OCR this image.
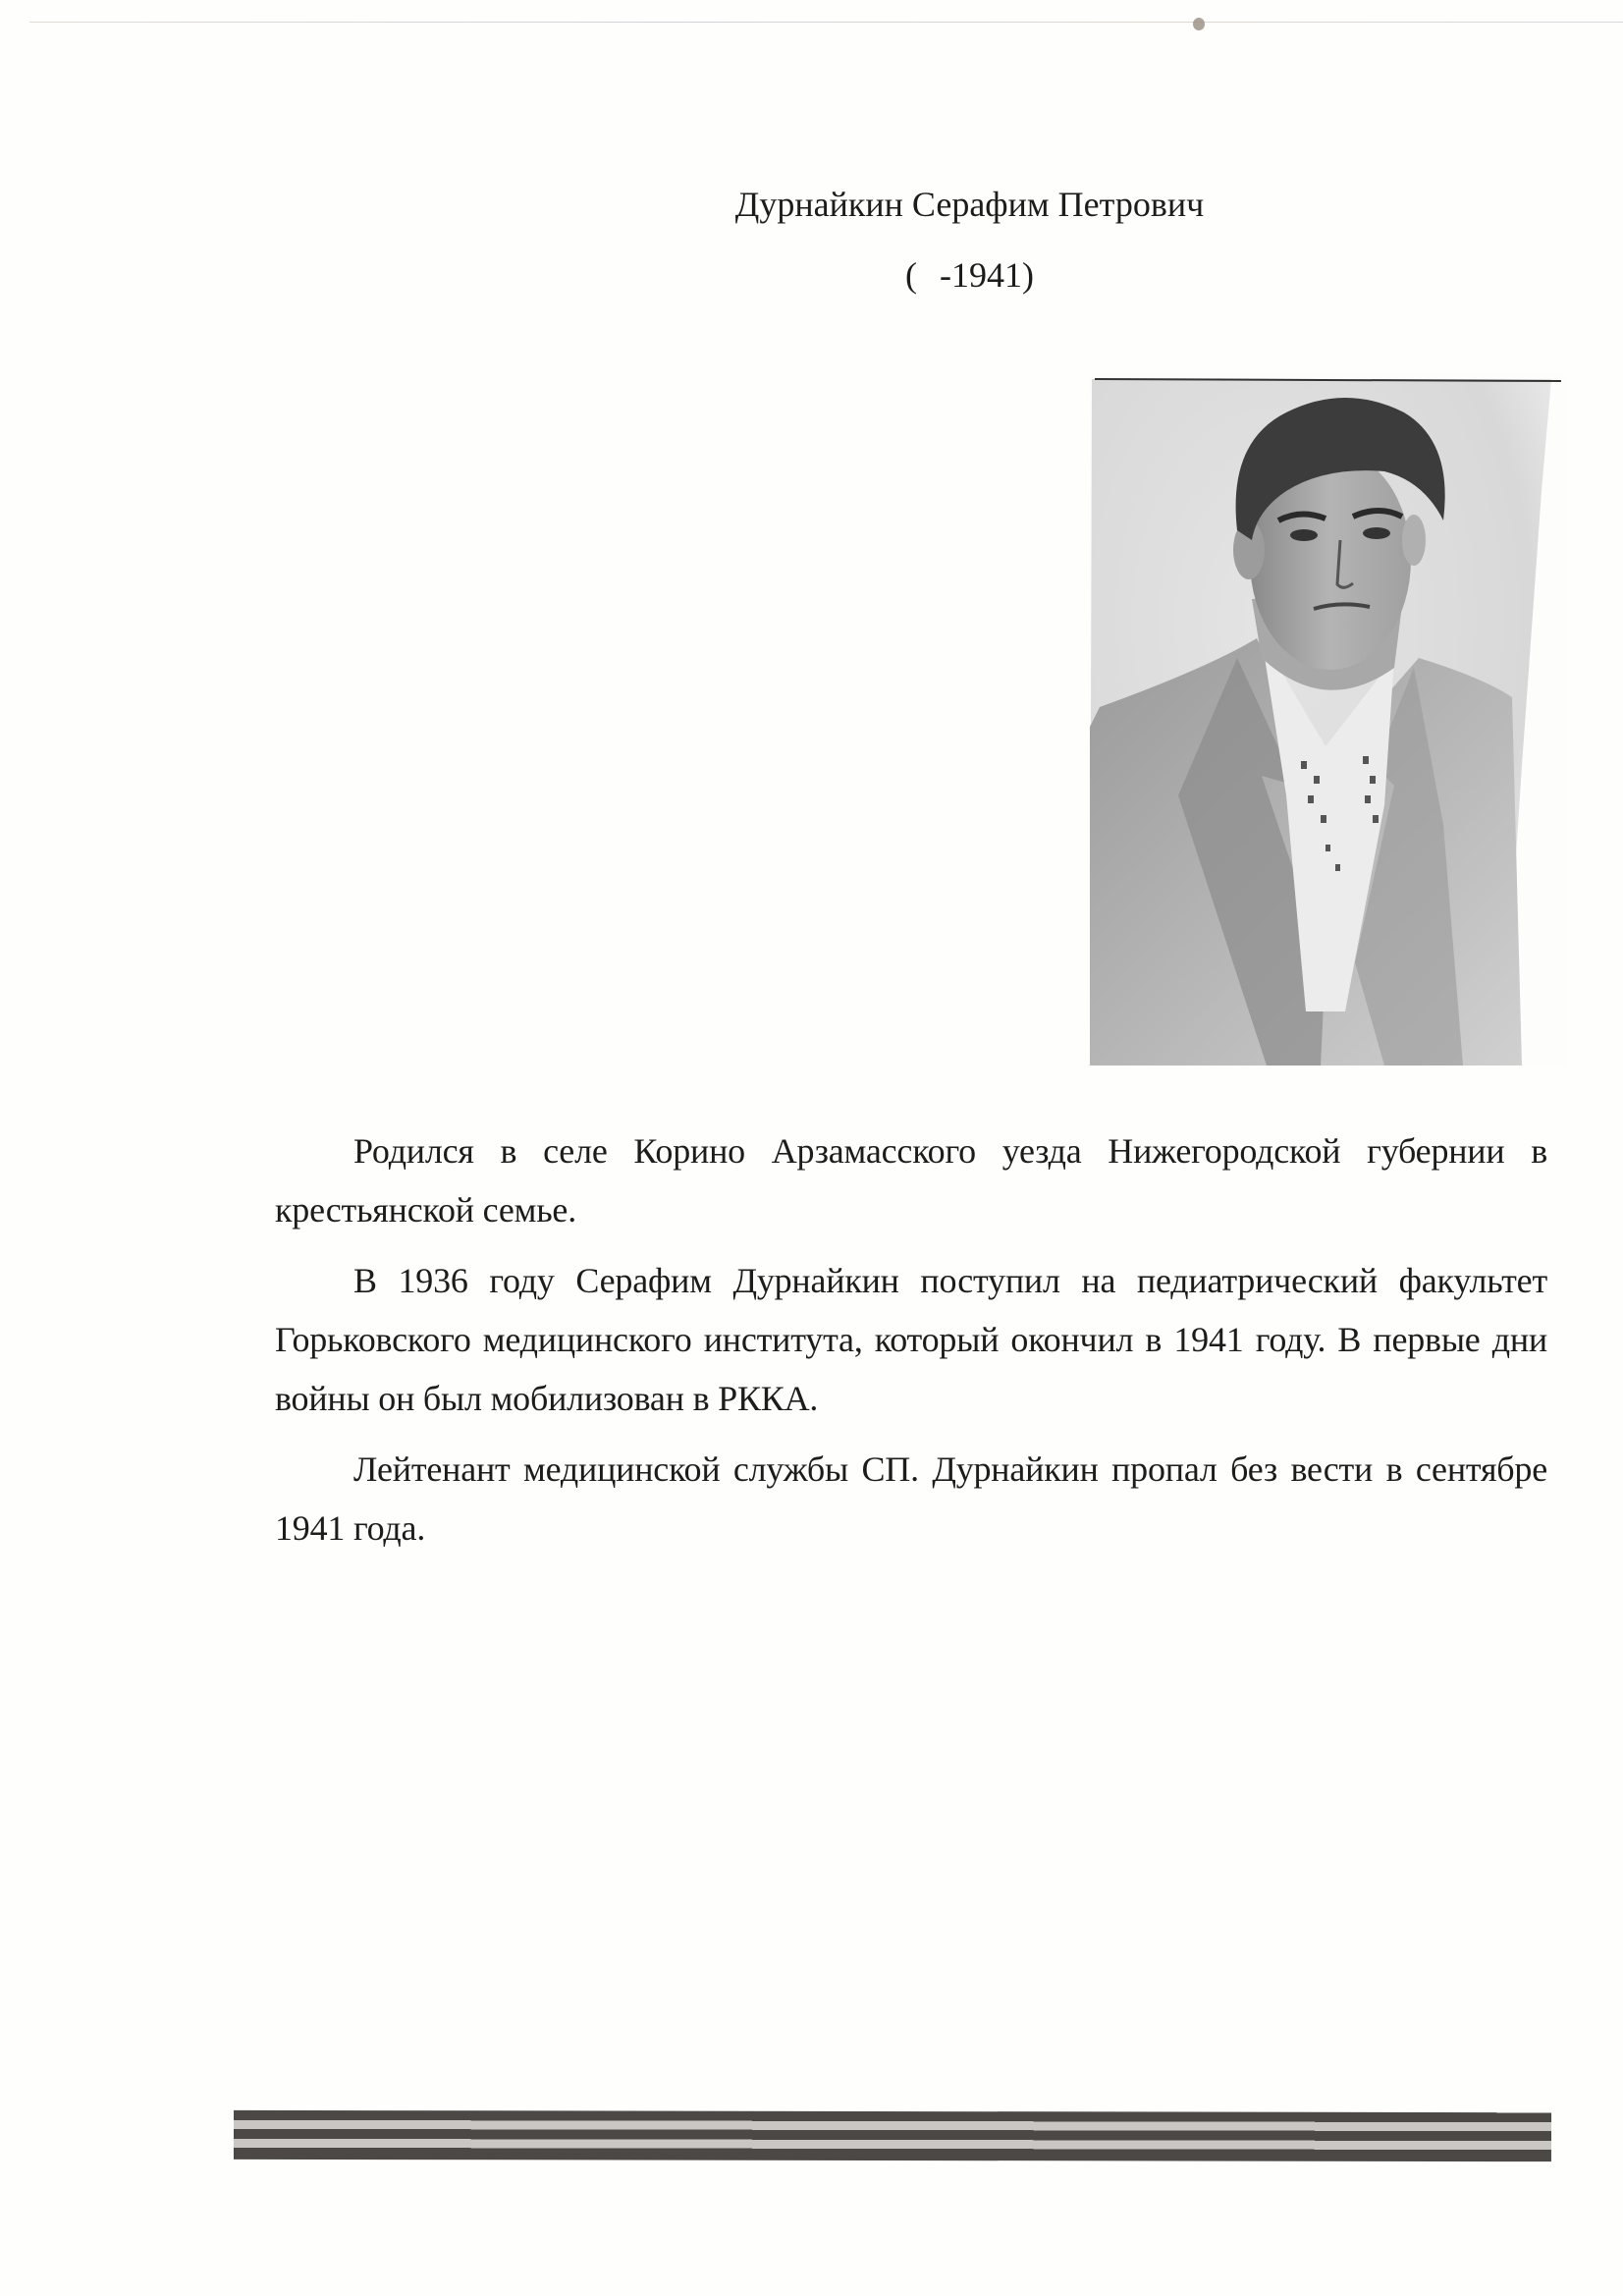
Дурнайкин Серафим Петрович
( -1941)

Родился в селе Корино Арзамасского уезда Нижегородской губернии в крестьянской семье.

В 1936 году Серафим Дурнайкин поступил на педиатрический факультет Горьковского медицинского института, который окончил в 1941 году. В первые дни войны он был мобилизован в РККА.

Лейтенант медицинской службы СП. Дурнайкин пропал без вести в сентябре 1941 года.
